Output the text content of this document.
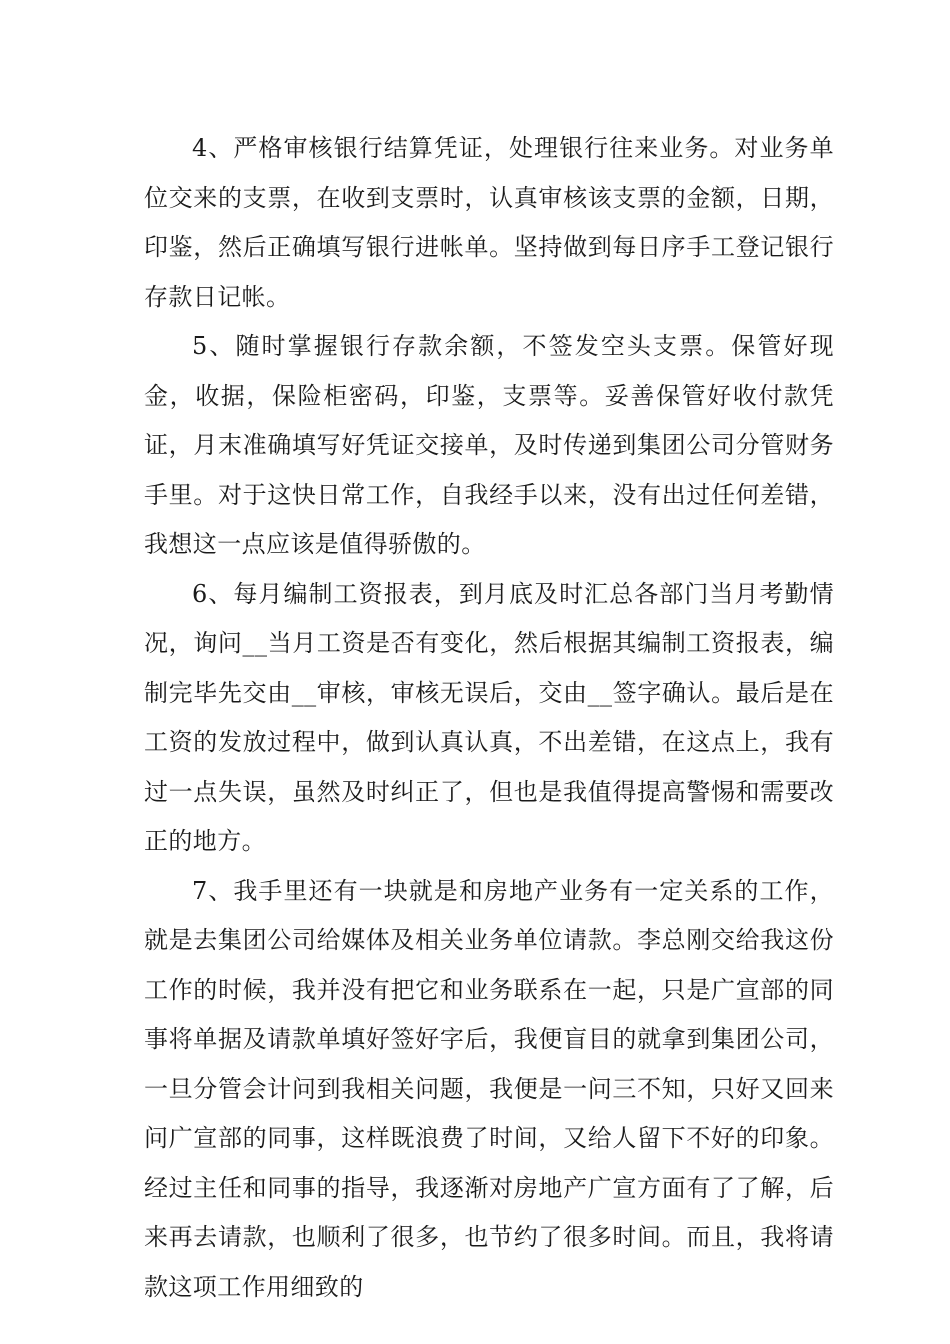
4、严格审核银行结算凭证，处理银行往来业务。对业务单位交来的支票，在收到支票时，认真审核该支票的金额，日期，印鉴，然后正确填写银行进帐单。坚持做到每日序手工登记银行存款日记帐。

5、随时掌握银行存款余额，不签发空头支票。保管好现金，收据，保险柜密码，印鉴，支票等。妥善保管好收付款凭证，月末准确填写好凭证交接单，及时传递到集团公司分管财务手里。对于这快日常工作，自我经手以来，没有出过任何差错，我想这一点应该是值得骄傲的。

6、每月编制工资报表，到月底及时汇总各部门当月考勤情况，询问__当月工资是否有变化，然后根据其编制工资报表，编制完毕先交由__审核，审核无误后，交由__签字确认。最后是在工资的发放过程中，做到认真认真，不出差错，在这点上，我有过一点失误，虽然及时纠正了，但也是我值得提高警惕和需要改正的地方。

7、我手里还有一块就是和房地产业务有一定关系的工作，就是去集团公司给媒体及相关业务单位请款。李总刚交给我这份工作的时候，我并没有把它和业务联系在一起，只是广宣部的同事将单据及请款单填好签好字后，我便盲目的就拿到集团公司，一旦分管会计问到我相关问题，我便是一问三不知，只好又回来问广宣部的同事，这样既浪费了时间，又给人留下不好的印象。经过主任和同事的指导，我逐渐对房地产广宣方面有了了解，后来再去请款，也顺利了很多，也节约了很多时间。而且，我将请款这项工作用细致的
